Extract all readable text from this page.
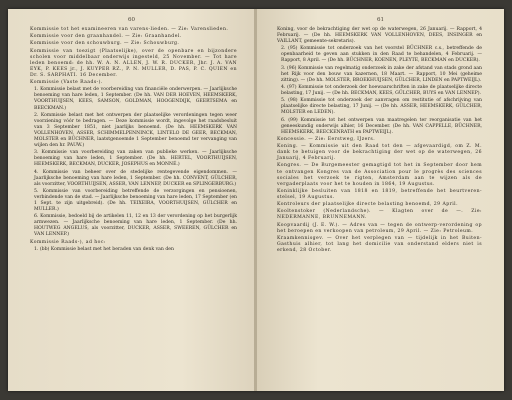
60

Kommissie tot het examineeren van varens-lieden. — Zie: Varenslieden.

Kommissie voor den graanhandel. — Zie: Graanhandel.

Kommissie voor den schouwburg. — Zie: Schouwburg.

Kommissie van toezigt (Plaatselijke), over de openbare en bijzondere scholen voor middelbaar onderwijs ingesteld, 25 November. — Tot hare leden benoemd: de hh. W. A. N. ALLEN, J. W. R. DUCKER, Jhr. J. A. VAN EYK, P. KEES jr., J. KUYPER RZ., P. N. MULLER, D. PAS, P. C. QUIEN en Dr. S. SARPHATI. 16 December.

Kommissie (Vaste Raads-).

1. Kommissie belast met de voorbereiding van financiële onderwerpen. — Jaarlijksche benoeming van hare leden, 1 September. (De hh. VAN DER HOEVEN, HEEMSKERK, VOORTHUIJSEN, KEES, SAMSON, GOLDMAN, HOOGENDIJK, GEERTSEMA en BEECKMAN.)

2. Kommissie belast met het ontwerpen der plaatselijke verordeningen tegen weer voorziening vóór te bedragen. — Deze kommissie wordt, ingevolge het raadsbesluit van 3 September 1851, niet jaarlijks benoemd. (De hh. HEEMSKERK VAN VOLLENHOVEN, ASSER, SCHIMMELPENNINCK, LINTELO DE GEER, BECKMAN, MOLSTER en BÜCHNER, laatstgenoemde 1 September benoemd ter vervanging van wijlen den hr. PAUW.)

3. Kommissie van voorbereiding van zaken van publieke werken. — Jaarlijksche benoeming van hare leden, 1 September. (De hh. HERTEL, VOORTHUIJSEN, HEEMSKERK, BECKMAN, DUCKER, JOSEPHUS en MONNÉ.)

4. Kommissie van beheer over de stedelijke rentegevende eigendommen. — Jaarlijksche benoeming van hare leden, 1 September. (De hh. CONVENT, GÜLCHER, als voorzitter, VOORTHUIJSEN, ASSER, VAN LENNEP, DUCKER en SPLINGERBURG.)

5. Kommissie van voorbereiding betreffende de verzorgingen en pensioenen, verbindende van de stad. — Jaarlijksche benoeming van hare leden, 17 September (en 1 Sept. te zijn uitgebreid). (De hh. TEIXEIRA, VOORTHUIJSEN, GÜLCHER en MULLER.)

6. Kommissie, bedoeld bij de artikelen 11, 12 en 13 der verordening op het burgerlijk armwezen. — Jaarlijksche benoeming van hare leden, 1 September. (De hh. HOUTWEG ANGELUS, als voorzitter, DUCKER, ASSER, SWEEREN, GÜLCHER en VAN LENNEP.)

Kommissie Raads-), ad hoc:

1. (bb) Kommissie belast met het beraden van denk van den

61

Koning, voor de bekrachtiging der wet op de waterwegen, 26 Januarij. — Rapport, 4 Februarij. — (De hh. HEEMSKERK VAN VOLLENHOVEN, DEES, INSINGER en VAILLANT, gemeente-sekretaris).

2. (95) Kommissie tot onderzoek van het voorstel BÜCHNER c.s., betreffende de openbaarheid te geven aan stukken in den Raad te behandelen, 4 Februarij. — Rapport, 8 April. — (De hh. BÜCHNER, KOENEN, PLEYTE, BECKMAN en DUCKER).

3. (96) Kommissie van regelmatig onderzoek in zake der afstand van stads grond aan het Rijk voor den bouw van kazernen, 18 Maart. — Rapport, 10 Mei (geheime zitting). — (De hh. MOLSTER, BROEKHUIJSEN, GÜLCHER, LINDEN en PAPTWEIJL).

4. (97) Kommissie tot onderzoek der hoewaarschriften in zake de plaatselijke directe belasting, 17 Junij. — (De hh. BECKMAN, KEES, GÜLCHER, BUYS en VAN LENNEP).

5. (98) Kommissie tot onderzoek der aanvragen om restitutie of afschrijving van plaatselijke directe belasting, 17 Junij. — (De hh. ASSER, HEEMSKERK, GÜLCHER, MOLSTER en LEDEN).

6. (99) Kommissie tot het ontwerpen van maatregelen ter reorganisatie van het geneeskundig onderwijs alhier, 16 December. (De hh. VAN CAPPELLE, BÜCHNER, HEEMSKERK, BEECKENRATH en PAPTWEIJL).

Koncessie. — Zie: Eerstweg, IJzers.

Koning. — Kommissie uit den Raad tot den — afgevaardigd, om Z. M. dank te betuigen voor de bekrachtiging der wet op de waterwegen, 26 Januarij, 4 Februarij.

Kongres. — De Burgemeester gemagtigd tot het in September door hem te ontvangen Kongres van de Association pour le progrès des sciences sociales het verzoek te rigten, Amsterdam aan te wijzen als de vergaderplaats voor het te houden in 1864, 19 Augustus.

Koninklijke besluiten van 1818 en 1819, betreffende het beurtveren-stelsel, 19 Augustus.

Kontroleurs der plaatselijke directe belasting benoemd, 29 April.

Kooltenstoker (Nederlandsche). — Klagten over de —. Zie: NEDERMANNE, BRUNNEMANN.

Koopvaardij (J. E. W.). — Adres van — tegen de ontwerp-verordening op het beroepen en verkoopen van petroleum, 29 April. — Zie: Petroleum.

Kraamkennisgev. — Over het verplegen van — tijdelijk in het Buiten-Gasthuis alhier, tot lang het domicilie van onderstand elders niet is erkend, 28 October.
